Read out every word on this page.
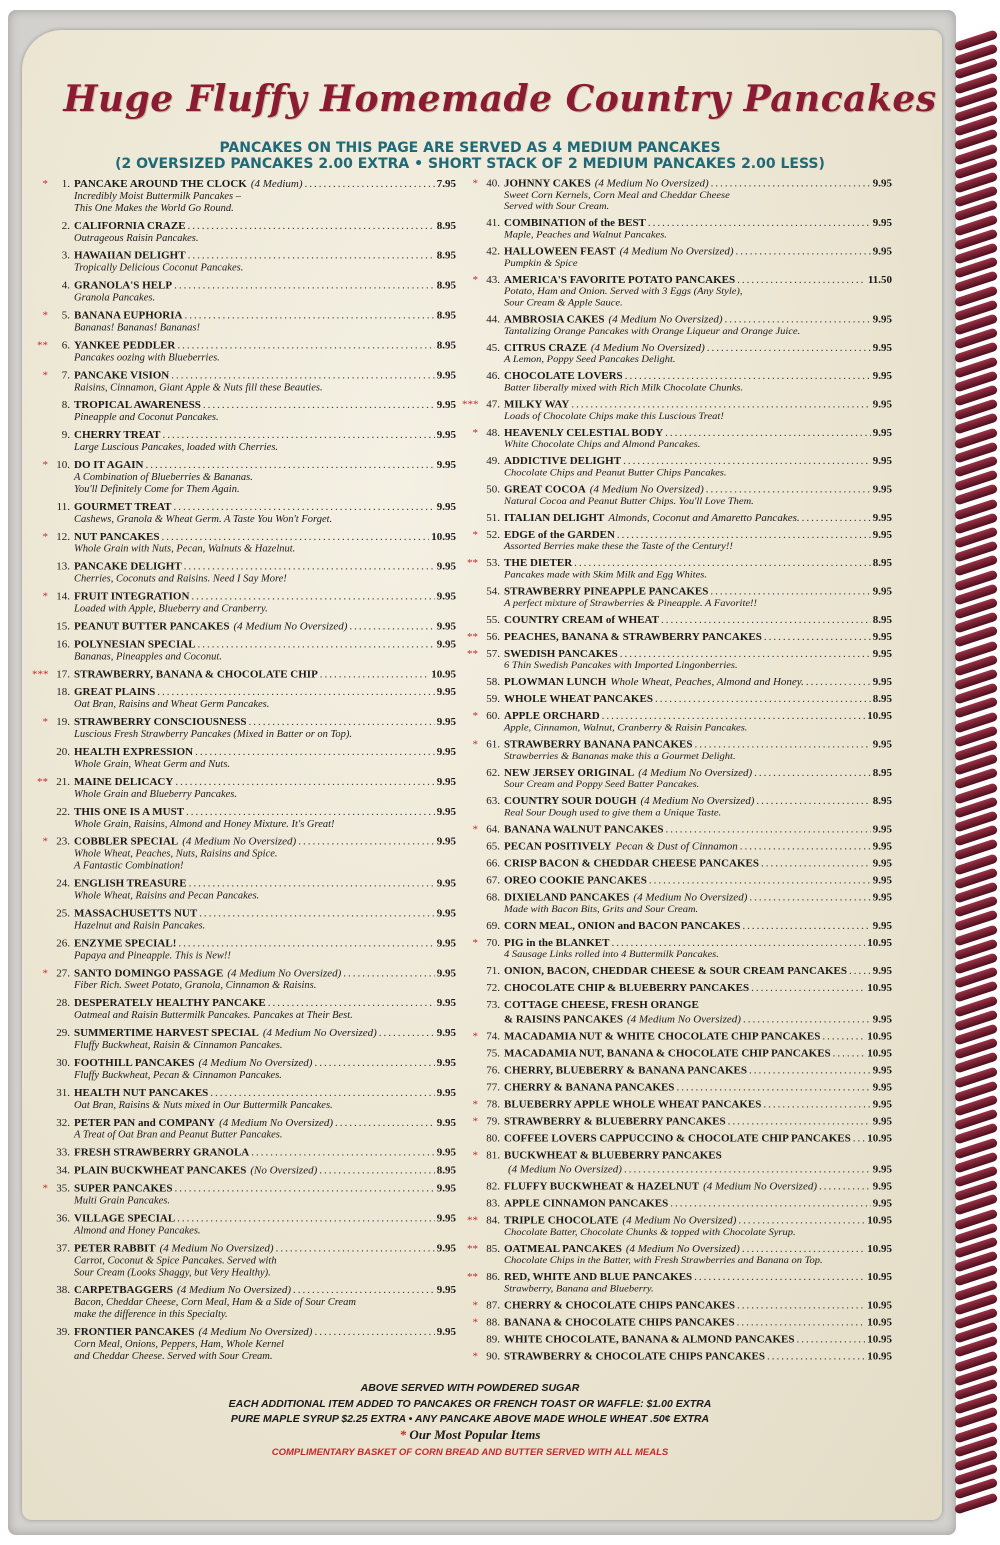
Huge Fluffy Homemade Country Pancakes
PANCAKES ON THIS PAGE ARE SERVED AS 4 MEDIUM PANCAKES
(2 OVERSIZED PANCAKES 2.00 EXTRA • SHORT STACK OF 2 MEDIUM PANCAKES 2.00 LESS)
*	1. PANCAKE AROUND THE CLOCK (4 Medium) .....	7.95
Incredibly Moist Buttermilk Pancakes –
This One Makes the World Go Round.
2. CALIFORNIA CRAZE .....	8.95
Outrageous Raisin Pancakes.
3. HAWAIIAN DELIGHT .....	8.95
Tropically Delicious Coconut Pancakes.
4. GRANOLA'S HELP .....	8.95
Granola Pancakes.
*	5. BANANA EUPHORIA .....	8.95
Bananas! Bananas! Bananas!
**	6. YANKEE PEDDLER .....	8.95
Pancakes oozing with Blueberries.
*	7. PANCAKE VISION .....	9.95
Raisins, Cinnamon, Giant Apple & Nuts fill these Beauties.
8. TROPICAL AWARENESS .....	9.95
Pineapple and Coconut Pancakes.
9. CHERRY TREAT .....	9.95
Large Luscious Pancakes, loaded with Cherries.
* 10. DO IT AGAIN .....	9.95
A Combination of Blueberries & Bananas.
You'll Definitely Come for Them Again.
11. GOURMET TREAT .....	9.95
Cashews, Granola & Wheat Germ. A Taste You Won't Forget.
* 12. NUT PANCAKES .....	10.95
Whole Grain with Nuts, Pecan, Walnuts & Hazelnut.
13. PANCAKE DELIGHT .....	9.95
Cherries, Coconuts and Raisins. Need I Say More!
* 14. FRUIT INTEGRATION .....	9.95
Loaded with Apple, Blueberry and Cranberry.
15. PEANUT BUTTER PANCAKES (4 Medium No Oversized) .....	9.95
16. POLYNESIAN SPECIAL .....	9.95
Bananas, Pineapples and Coconut.
*** 17. STRAWBERRY, BANANA & CHOCOLATE CHIP .....	10.95
18. GREAT PLAINS .....	9.95
Oat Bran, Raisins and Wheat Germ Pancakes.
* 19. STRAWBERRY CONSCIOUSNESS .....	9.95
Luscious Fresh Strawberry Pancakes (Mixed in Batter or on Top).
20. HEALTH EXPRESSION .....	9.95
Whole Grain, Wheat Germ and Nuts.
** 21. MAINE DELICACY .....	9.95
Whole Grain and Blueberry Pancakes.
22. THIS ONE IS A MUST .....	9.95
Whole Grain, Raisins, Almond and Honey Mixture. It's Great!
* 23. COBBLER SPECIAL (4 Medium No Oversized) .....	9.95
Whole Wheat, Peaches, Nuts, Raisins and Spice.
A Fantastic Combination!
24. ENGLISH TREASURE .....	9.95
Whole Wheat, Raisins and Pecan Pancakes.
25. MASSACHUSETTS NUT .....	9.95
Hazelnut and Raisin Pancakes.
26. ENZYME SPECIAL! .....	9.95
Papaya and Pineapple. This is New!!
* 27. SANTO DOMINGO PASSAGE (4 Medium No Oversized) .....	9.95
Fiber Rich. Sweet Potato, Granola, Cinnamon & Raisins.
28. DESPERATELY HEALTHY PANCAKE .....	9.95
Oatmeal and Raisin Buttermilk Pancakes. Pancakes at Their Best.
29. SUMMERTIME HARVEST SPECIAL (4 Medium No Oversized) .....	9.95
Fluffy Buckwheat, Raisin & Cinnamon Pancakes.
30. FOOTHILL PANCAKES (4 Medium No Oversized) .....	9.95
Fluffy Buckwheat, Pecan & Cinnamon Pancakes.
31. HEALTH NUT PANCAKES .....	9.95
Oat Bran, Raisins & Nuts mixed in Our Buttermilk Pancakes.
32. PETER PAN and COMPANY (4 Medium No Oversized) .....	9.95
A Treat of Oat Bran and Peanut Butter Pancakes.
33. FRESH STRAWBERRY GRANOLA .....	9.95
34. PLAIN BUCKWHEAT PANCAKES (No Oversized) .....	8.95
* 35. SUPER PANCAKES .....	9.95
Multi Grain Pancakes.
36. VILLAGE SPECIAL .....	9.95
Almond and Honey Pancakes.
37. PETER RABBIT (4 Medium No Oversized) .....	9.95
Carrot, Coconut & Spice Pancakes. Served with
Sour Cream (Looks Shaggy, but Very Healthy).
38. CARPETBAGGERS (4 Medium No Oversized) .....	9.95
Bacon, Cheddar Cheese, Corn Meal, Ham & a Side of Sour Cream
make the difference in this Specialty.
39. FRONTIER PANCAKES (4 Medium No Oversized) .....	9.95
Corn Meal, Onions, Peppers, Ham, Whole Kernel
and Cheddar Cheese. Served with Sour Cream.
* 40. JOHNNY CAKES (4 Medium No Oversized) .....	9.95
Sweet Corn Kernels, Corn Meal and Cheddar Cheese
Served with Sour Cream.
41. COMBINATION of the BEST .....	9.95
Maple, Peaches and Walnut Pancakes.
42. HALLOWEEN FEAST (4 Medium No Oversized) .....	9.95
Pumpkin & Spice
* 43. AMERICA'S FAVORITE POTATO PANCAKES .....	11.50
Potato, Ham and Onion. Served with 3 Eggs (Any Style),
Sour Cream & Apple Sauce.
44. AMBROSIA CAKES (4 Medium No Oversized) .....	9.95
Tantalizing Orange Pancakes with Orange Liqueur and Orange Juice.
45. CITRUS CRAZE (4 Medium No Oversized) .....	9.95
A Lemon, Poppy Seed Pancakes Delight.
46. CHOCOLATE LOVERS .....	9.95
Batter liberally mixed with Rich Milk Chocolate Chunks.
*** 47. MILKY WAY .....	9.95
Loads of Chocolate Chips make this Luscious Treat!
* 48. HEAVENLY CELESTIAL BODY .....	9.95
White Chocolate Chips and Almond Pancakes.
49. ADDICTIVE DELIGHT .....	9.95
Chocolate Chips and Peanut Butter Chips Pancakes.
50. GREAT COCOA (4 Medium No Oversized) .....	9.95
Natural Cocoa and Peanut Butter Chips. You'll Love Them.
51. ITALIAN DELIGHT Almonds, Coconut and Amaretto Pancakes. .....	9.95
* 52. EDGE of the GARDEN .....	9.95
Assorted Berries make these the Taste of the Century!!
** 53. THE DIETER .....	8.95
Pancakes made with Skim Milk and Egg Whites.
54. STRAWBERRY PINEAPPLE PANCAKES .....	9.95
A perfect mixture of Strawberries & Pineapple. A Favorite!!
55. COUNTRY CREAM of WHEAT .....	8.95
** 56. PEACHES, BANANA & STRAWBERRY PANCAKES .....	9.95
** 57. SWEDISH PANCAKES .....	9.95
6 Thin Swedish Pancakes with Imported Lingonberries.
58. PLOWMAN LUNCH Whole Wheat, Peaches, Almond and Honey. .....	9.95
59. WHOLE WHEAT PANCAKES .....	8.95
* 60. APPLE ORCHARD .....	10.95
Apple, Cinnamon, Walnut, Cranberry & Raisin Pancakes.
* 61. STRAWBERRY BANANA PANCAKES .....	9.95
Strawberries & Bananas make this a Gourmet Delight.
62. NEW JERSEY ORIGINAL (4 Medium No Oversized) .....	8.95
Sour Cream and Poppy Seed Batter Pancakes.
63. COUNTRY SOUR DOUGH (4 Medium No Oversized) .....	8.95
Real Sour Dough used to give them a Unique Taste.
* 64. BANANA WALNUT PANCAKES .....	9.95
65. PECAN POSITIVELY Pecan & Dust of Cinnamon .....	9.95
66. CRISP BACON & CHEDDAR CHEESE PANCAKES .....	9.95
67. OREO COOKIE PANCAKES .....	9.95
68. DIXIELAND PANCAKES (4 Medium No Oversized) .....	9.95
Made with Bacon Bits, Grits and Sour Cream.
69. CORN MEAL, ONION and BACON PANCAKES .....	9.95
* 70. PIG in the BLANKET .....	10.95
4 Sausage Links rolled into 4 Buttermilk Pancakes.
71. ONION, BACON, CHEDDAR CHEESE & SOUR CREAM PANCAKES ..... 9.95
72. CHOCOLATE CHIP & BLUEBERRY PANCAKES .....	10.95
73. COTTAGE CHEESE, FRESH ORANGE
& RAISINS PANCAKES (4 Medium No Oversized) .....	9.95
* 74. MACADAMIA NUT & WHITE CHOCOLATE CHIP PANCAKES .....	10.95
75. MACADAMIA NUT, BANANA & CHOCOLATE CHIP PANCAKES .....	10.95
76. CHERRY, BLUEBERRY & BANANA PANCAKES .....	9.95
77. CHERRY & BANANA PANCAKES .....	9.95
* 78. BLUEBERRY APPLE WHOLE WHEAT PANCAKES .....	9.95
* 79. STRAWBERRY & BLUEBERRY PANCAKES .....	9.95
80. COFFEE LOVERS CAPPUCCINO & CHOCOLATE CHIP PANCAKES ..... 10.95
* 81. BUCKWHEAT & BLUEBERRY PANCAKES
(4 Medium No Oversized) .....	9.95
82. FLUFFY BUCKWHEAT & HAZELNUT (4 Medium No Oversized) .....	9.95
83. APPLE CINNAMON PANCAKES .....	9.95
** 84. TRIPLE CHOCOLATE (4 Medium No Oversized) .....	10.95
Chocolate Batter, Chocolate Chunks & topped with Chocolate Syrup.
** 85. OATMEAL PANCAKES (4 Medium No Oversized) .....	10.95
Chocolate Chips in the Batter, with Fresh Strawberries and Banana on Top.
** 86. RED, WHITE AND BLUE PANCAKES .....	10.95
Strawberry, Banana and Blueberry.
* 87. CHERRY & CHOCOLATE CHIPS PANCAKES .....	10.95
* 88. BANANA & CHOCOLATE CHIPS PANCAKES .....	10.95
89. WHITE CHOCOLATE, BANANA & ALMOND PANCAKES .....	10.95
* 90. STRAWBERRY & CHOCOLATE CHIPS PANCAKES .....	10.95
ABOVE SERVED WITH POWDERED SUGAR
EACH ADDITIONAL ITEM ADDED TO PANCAKES OR FRENCH TOAST OR WAFFLE: $1.00 EXTRA
PURE MAPLE SYRUP $2.25 EXTRA • ANY PANCAKE ABOVE MADE WHOLE WHEAT .50¢ EXTRA
* Our Most Popular Items
COMPLIMENTARY BASKET OF CORN BREAD AND BUTTER SERVED WITH ALL MEALS
